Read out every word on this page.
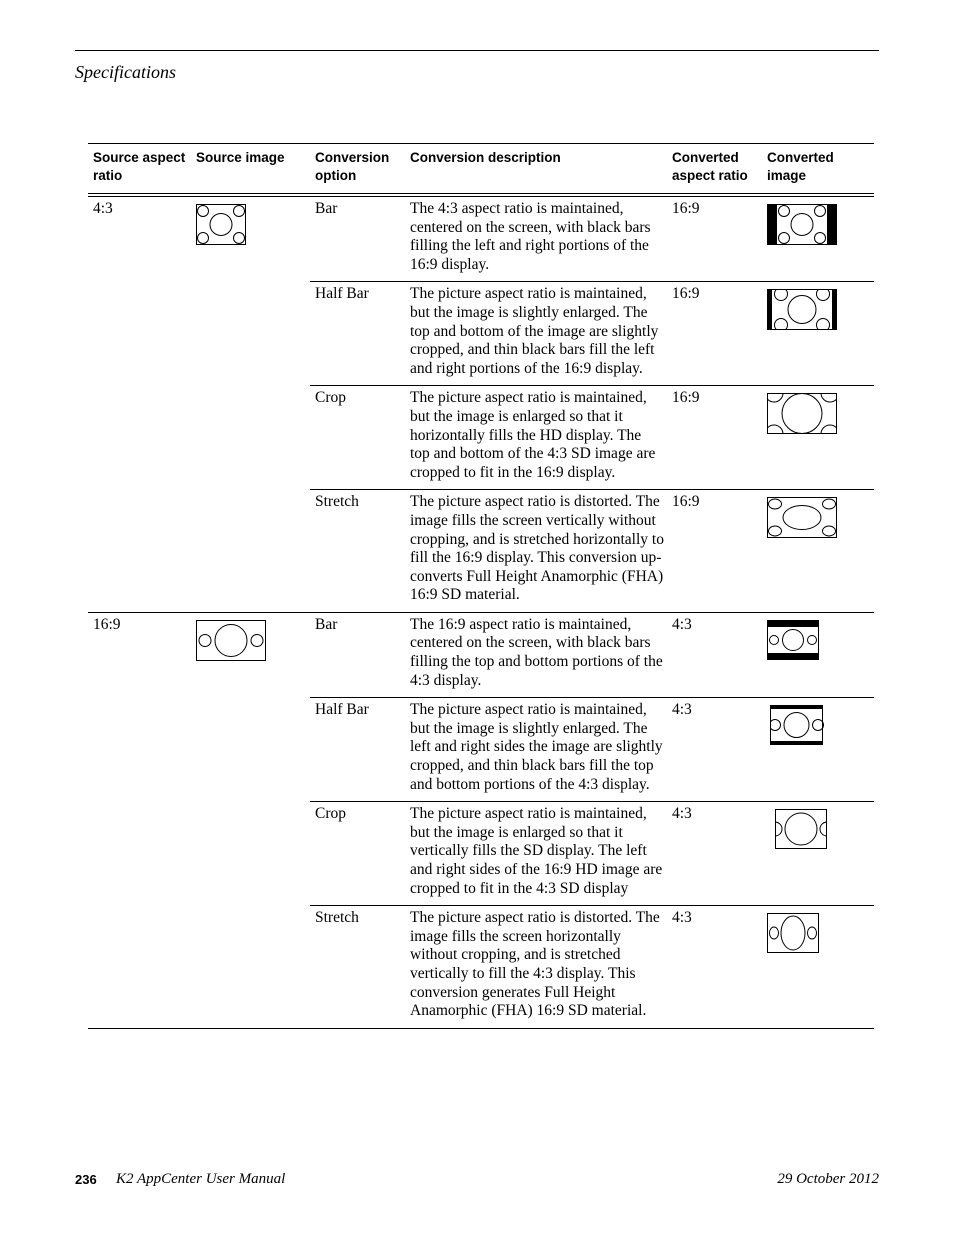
Specifications
Source aspect ratio	Source image	Conversion option	Conversion description	Converted aspect ratio	Converted image
4:3		Bar	The 4:3 aspect ratio is maintained, centered on the screen, with black bars filling the left and right portions of the 16:9 display.	16:9	

		Half Bar	The picture aspect ratio is maintained, but the image is slightly enlarged. The top and bottom of the image are slightly cropped, and thin black bars fill the left and right portions of the 16:9 display.	16:9	

		Crop	The picture aspect ratio is maintained, but the image is enlarged so that it horizontally fills the HD display. The top and bottom of the 4:3 SD image are cropped to fit in the 16:9 display.	16:9	

		Stretch	The picture aspect ratio is distorted. The image fills the screen vertically without cropping, and is stretched horizontally to fill the 16:9 display. This conversion up-converts Full Height Anamorphic (FHA) 16:9 SD material.	16:9	

16:9		Bar	The 16:9 aspect ratio is maintained, centered on the screen, with black bars filling the top and bottom portions of the 4:3 display.	4:3	

		Half Bar	The picture aspect ratio is maintained, but the image is slightly enlarged. The left and right sides the image are slightly cropped, and thin black bars fill the top and bottom portions of the 4:3 display.	4:3	

		Crop	The picture aspect ratio is maintained, but the image is enlarged so that it vertically fills the SD display. The left and right sides of the 16:9 HD image are cropped to fit in the 4:3 SD display	4:3	

		Stretch	The picture aspect ratio is distorted. The image fills the screen horizontally without cropping, and is stretched vertically to fill the 4:3 display. This conversion generates Full Height Anamorphic (FHA) 16:9 SD material.	4:3	
236 K2 AppCenter User Manual	29 October 2012
